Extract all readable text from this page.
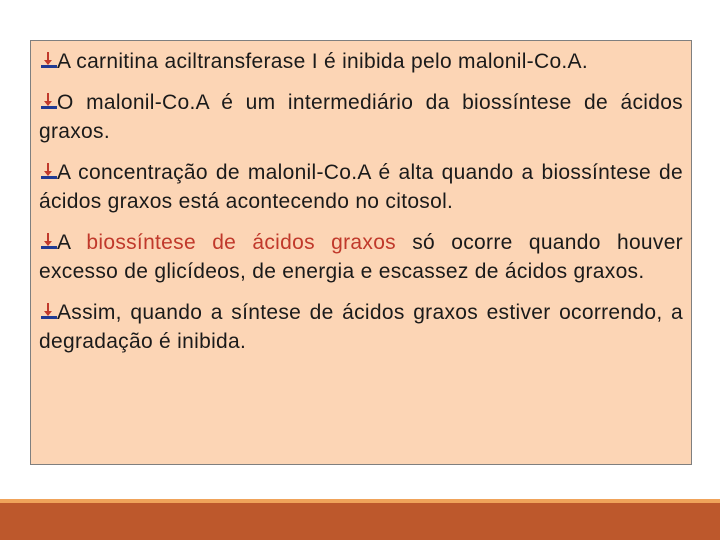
A carnitina aciltransferase I é inibida pelo malonil-Co.A.

O malonil-Co.A é um intermediário da biossíntese de ácidos graxos.

A concentração de malonil-Co.A é alta quando a biossíntese de ácidos graxos está acontecendo no citosol.

A biossíntese de ácidos graxos só ocorre quando houver excesso de glicídeos, de energia e escassez de ácidos graxos.

Assim, quando a síntese de ácidos graxos estiver ocorrendo, a degradação é inibida.
